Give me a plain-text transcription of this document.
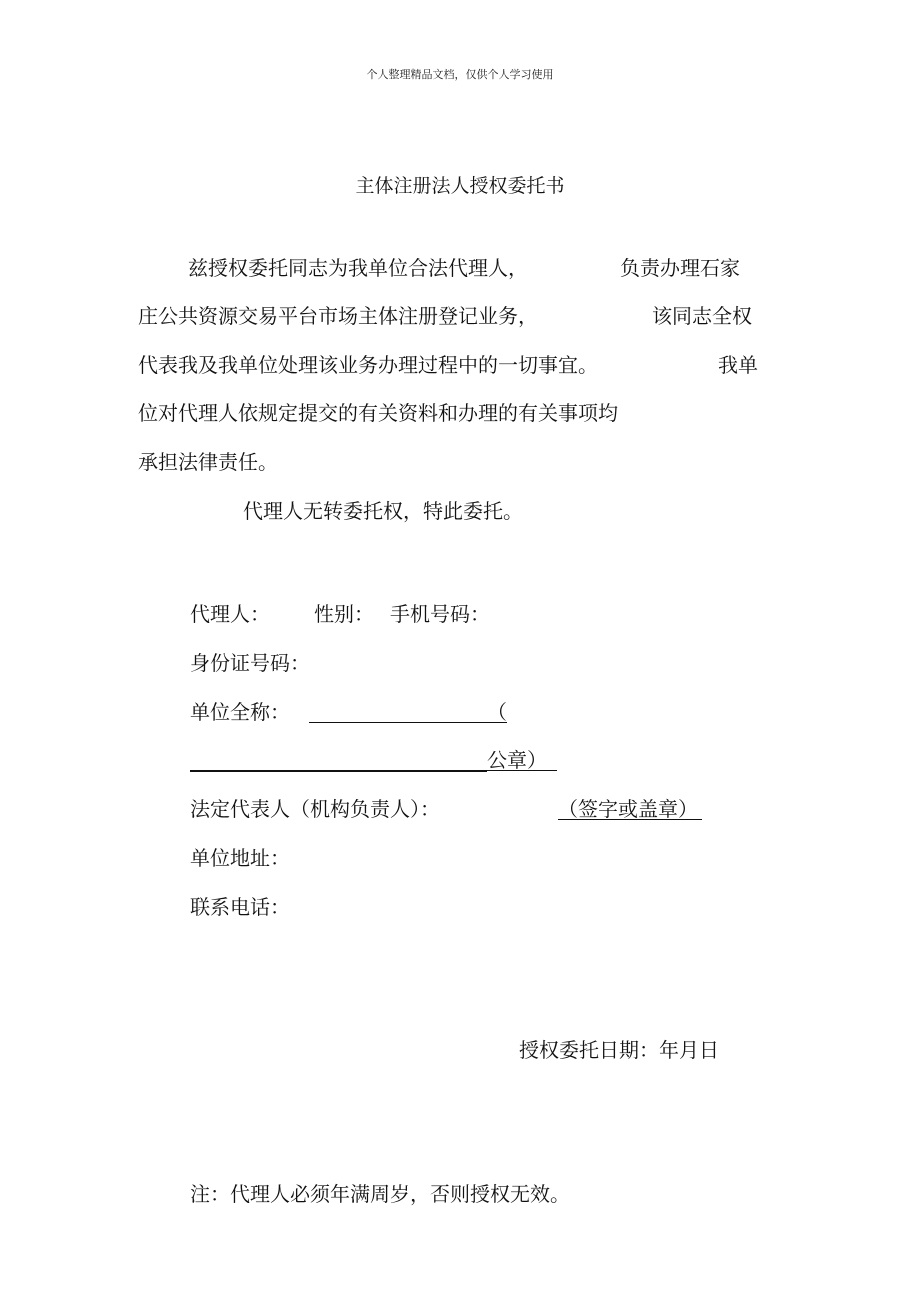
个人整理精品文档，仅供个人学习使用
主体注册法人授权委托书
兹授权委托同志为我单位合法代理人，	负责办理石家
庄公共资源交易平台市场主体注册登记业务，	该同志全权
代表我及我单位处理该业务办理过程中的一切事宜。	我单
位对代理人依规定提交的有关资料和办理的有关事项均
承担法律责任。
代理人无转委托权，特此委托。
代理人： 性别： 手机号码：
身份证号码：
单位全称：	（
公章）
法定代表人（机构负责人）：	（签字或盖章）
单位地址：
联系电话：
授权委托日期：年月日
注：代理人必须年满周岁，否则授权无效。
